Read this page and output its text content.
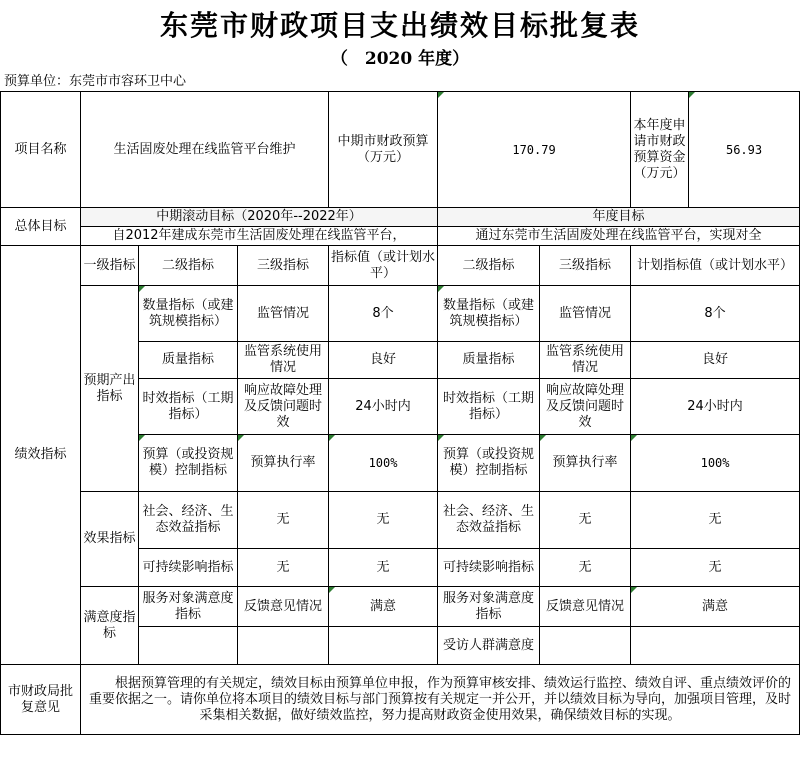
东莞市财政项目支出绩效目标批复表
（　2020 年度）
预算单位：东莞市市容环卫中心
项目名称	生活固废处理在线监管平台维护			中期市财政预算（万元）	170.79		本年度申请市财政预算资金（万元）	56.93
总体目标	中期滚动目标（2020年--2022年）				年度目标			
	自2012年建成东莞市生活固废处理在线监管平台，				通过东莞市生活固废处理在线监管平台，实现对全			
绩效指标	一级指标	二级指标	三级指标	指标值（或计划水平）	二级指标	三级指标	计划指标值（或计划水平）	
	预期产出指标	数量指标（或建筑规模指标）	监管情况	8个	数量指标（或建筑规模指标）	监管情况	8个	
		质量指标	监管系统使用情况	良好	质量指标	监管系统使用情况	良好	
		时效指标（工期指标）	响应故障处理及反馈问题时效	24小时内	时效指标（工期指标）	响应故障处理及反馈问题时效	24小时内	
		预算（或投资规模）控制指标	预算执行率	100%	预算（或投资规模）控制指标	预算执行率	100%	
	效果指标	社会、经济、生态效益指标	无	无	社会、经济、生态效益指标	无	无	
		可持续影响指标	无	无	可持续影响指标	无	无	
	满意度指标	服务对象满意度指标	反馈意见情况	满意	服务对象满意度指标	反馈意见情况	满意	
					受访人群满意度			
市财政局批复意见	根据预算管理的有关规定，绩效目标由预算单位申报，作为预算审核安排、绩效运行监控、绩效自评、重点绩效评价的重要依据之一。请你单位将本项目的绩效目标与部门预算按有关规定一并公开，并以绩效目标为导向，加强项目管理，及时采集相关数据，做好绩效监控，努力提高财政资金使用效果，确保绩效目标的实现。							
